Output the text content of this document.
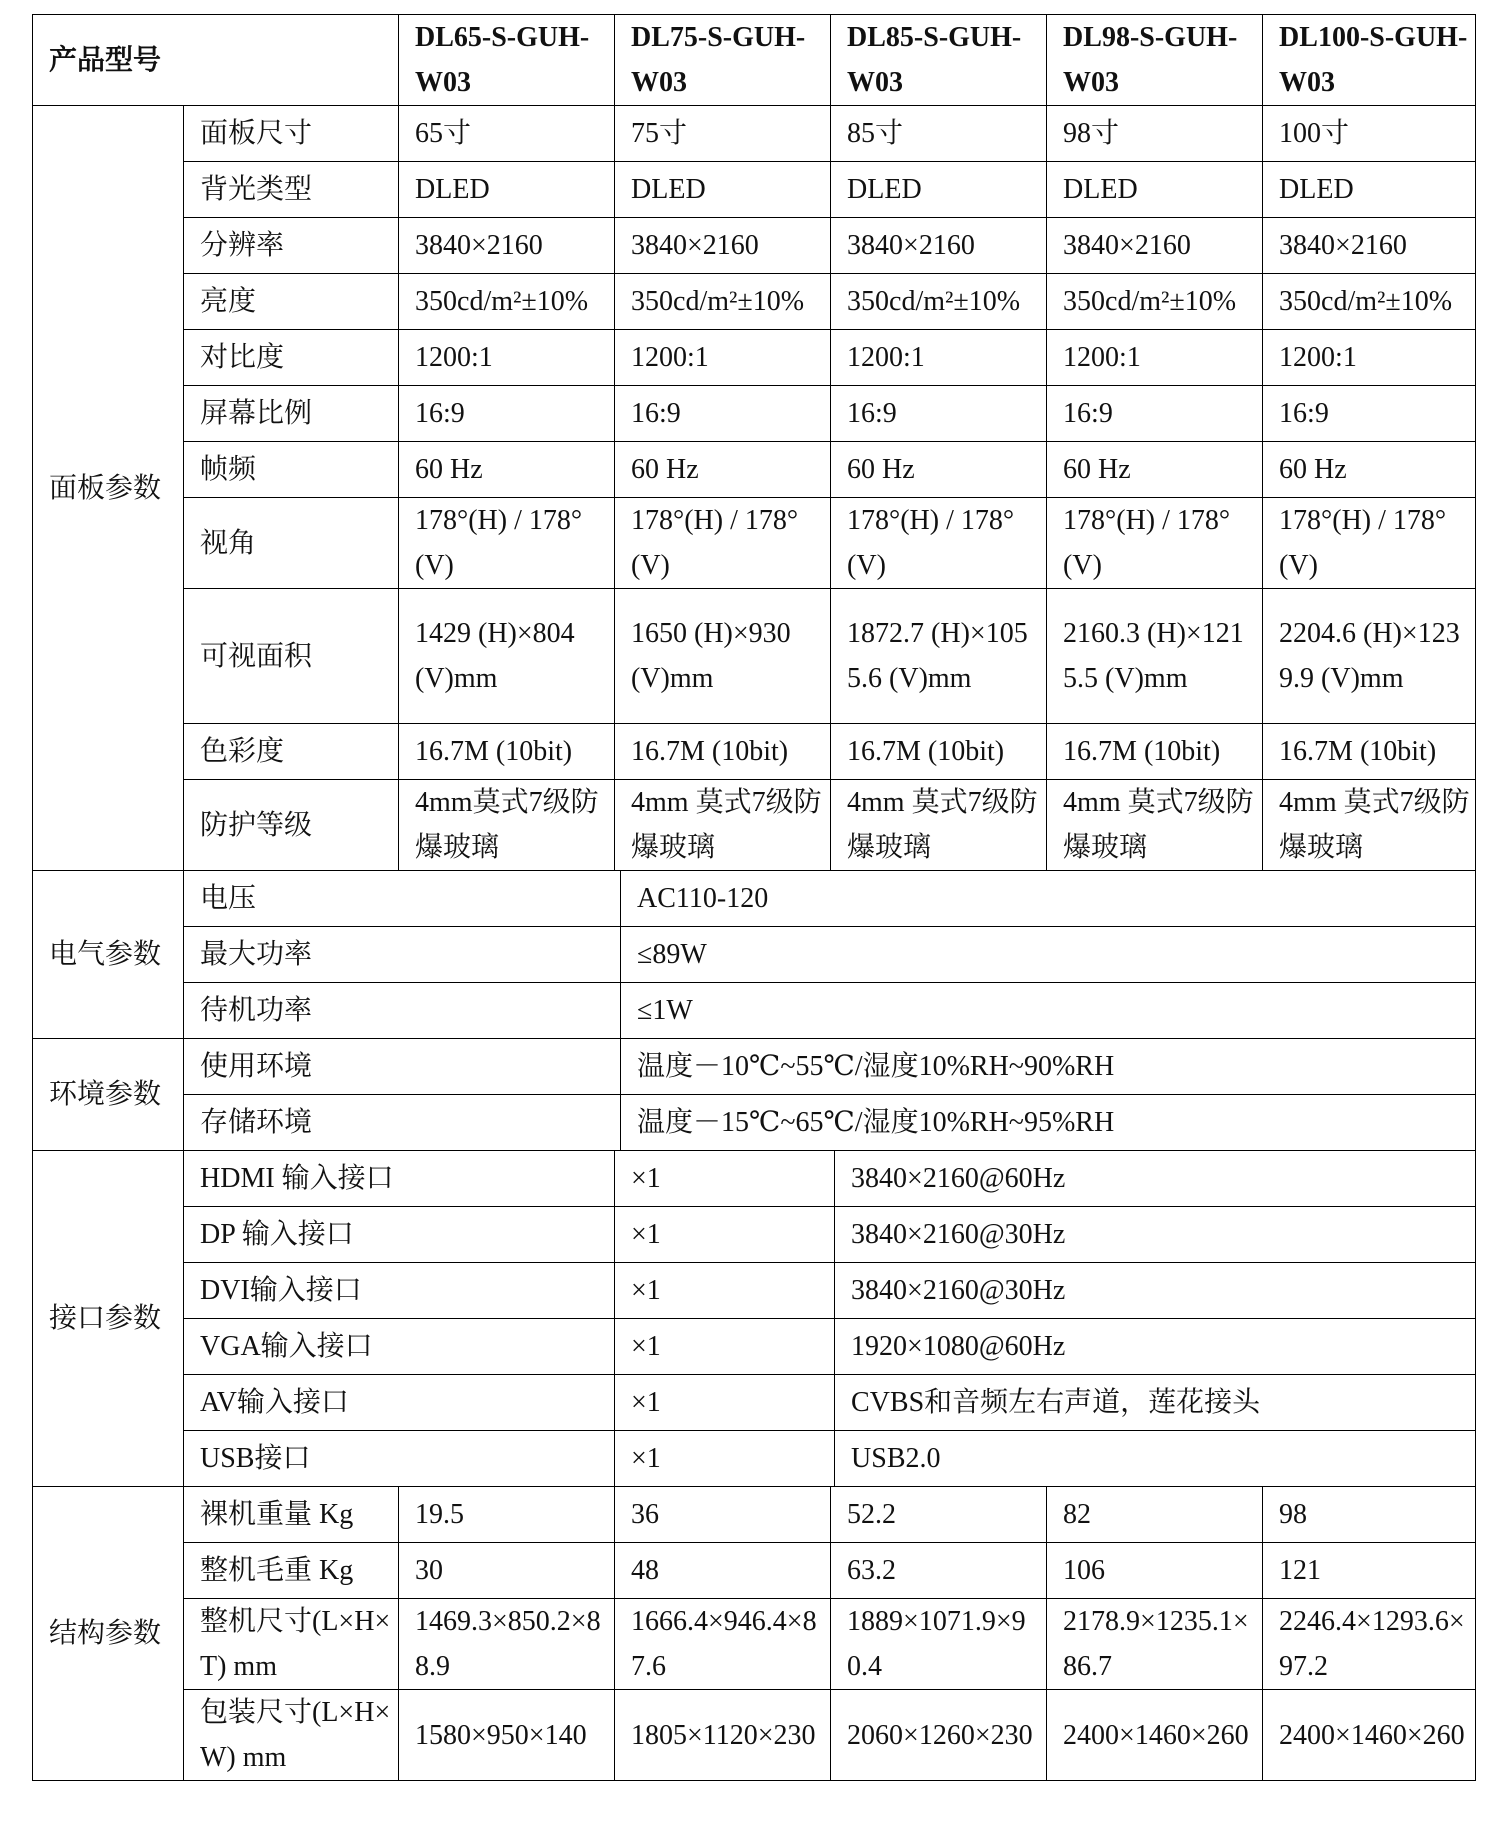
产品型号		DL65-S-GUH-W03	DL75-S-GUH-W03		DL85-S-GUH-W03		DL98-S-GUH-W03	DL100-S-GUH-W03
面板参数	面板尺寸	65寸	75寸		85寸		98寸	100寸
	背光类型	DLED	DLED		DLED		DLED	DLED
	分辨率	3840×2160	3840×2160		3840×2160		3840×2160	3840×2160
	亮度	350cd/m²±10%	350cd/m²±10%		350cd/m²±10%		350cd/m²±10%	350cd/m²±10%
	对比度	1200:1	1200:1		1200:1		1200:1	1200:1
	屏幕比例	16:9	16:9		16:9		16:9	16:9
	帧频	60 Hz	60 Hz		60 Hz		60 Hz	60 Hz
	视角	178°(H) / 178°(V)	178°(H) / 178°(V)		178°(H) / 178°(V)		178°(H) / 178°(V)	178°(H) / 178°(V)
	可视面积	1429 (H)×804 (V)mm	1650 (H)×930 (V)mm		1872.7 (H)×1055.6 (V)mm		2160.3 (H)×1215.5 (V)mm	2204.6 (H)×1239.9 (V)mm
	色彩度	16.7M (10bit)	16.7M (10bit)		16.7M (10bit)		16.7M (10bit)	16.7M (10bit)
	防护等级	4mm莫式7级防爆玻璃	4mm 莫式7级防爆玻璃		4mm 莫式7级防爆玻璃		4mm 莫式7级防爆玻璃	4mm 莫式7级防爆玻璃
电气参数	电压			AC110-120				
	最大功率			≤89W				
	待机功率			≤1W				
环境参数	使用环境			温度－10℃~55℃/湿度10%RH~90%RH				
	存储环境			温度－15℃~65℃/湿度10%RH~95%RH				
接口参数	HDMI 输入接口		×1			3840×2160@60Hz		
	DP 输入接口		×1			3840×2160@30Hz		
	DVI输入接口		×1			3840×2160@30Hz		
	VGA输入接口		×1			1920×1080@60Hz		
	AV输入接口		×1			CVBS和音频左右声道，莲花接头		
	USB接口		×1			USB2.0		
结构参数	裸机重量 Kg	19.5	36		52.2		82	98
	整机毛重 Kg	30	48		63.2		106	121
	整机尺寸(L×H×T) mm	1469.3×850.2×88.9	1666.4×946.4×87.6		1889×1071.9×90.4		2178.9×1235.1×86.7	2246.4×1293.6×97.2
	包装尺寸(L×H×W) mm	1580×950×140	1805×1120×230		2060×1260×230		2400×1460×260	2400×1460×260
